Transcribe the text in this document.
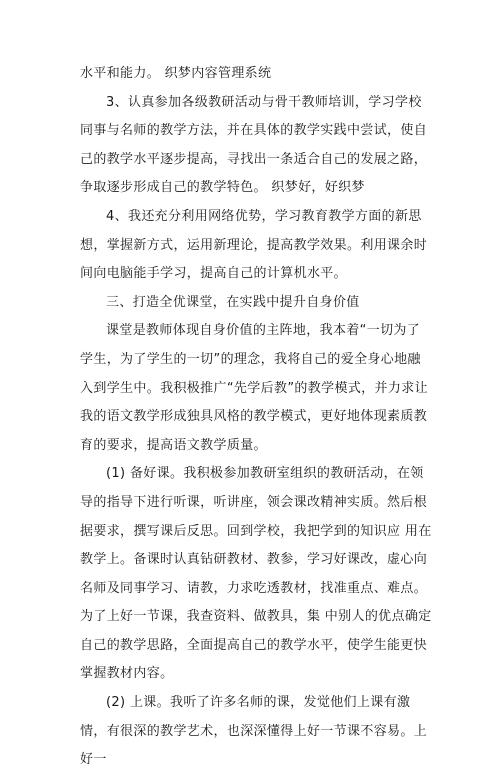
水平和能力。 织梦内容管理系统

3、认真参加各级教研活动与骨干教师培训，学习学校同事与名师的教学方法，并在具体的教学实践中尝试，使自己的教学水平逐步提高，寻找出一条适合自己的发展之路，争取逐步形成自己的教学特色。 织梦好，好织梦

4、我还充分利用网络优势，学习教育教学方面的新思想，掌握新方式，运用新理论，提高教学效果。利用课余时间向电脑能手学习，提高自己的计算机水平。

三、打造全优课堂，在实践中提升自身价值

课堂是教师体现自身价值的主阵地，我本着“一切为了学生，为了学生的一切”的理念，我将自己的爱全身心地融入到学生中。我积极推广“先学后教”的教学模式，并力求让我的语文教学形成独具风格的教学模式，更好地体现素质教育的要求，提高语文教学质量。

(1) 备好课。我积极参加教研室组织的教研活动，在领导的指导下进行听课，听讲座，领会课改精神实质。然后根据要求，撰写课后反思。回到学校，我把学到的知识应 用在教学上。备课时认真钻研教材、教参，学习好课改，虚心向名师及同事学习、请教，力求吃透教材，找准重点、难点。为了上好一节课，我查资料、做教具，集 中别人的优点确定自己的教学思路，全面提高自己的教学水平，使学生能更快掌握教材内容。

(2) 上课。我听了许多名师的课，发觉他们上课有激情，有很深的教学艺术，也深深懂得上好一节课不容易。上好一
